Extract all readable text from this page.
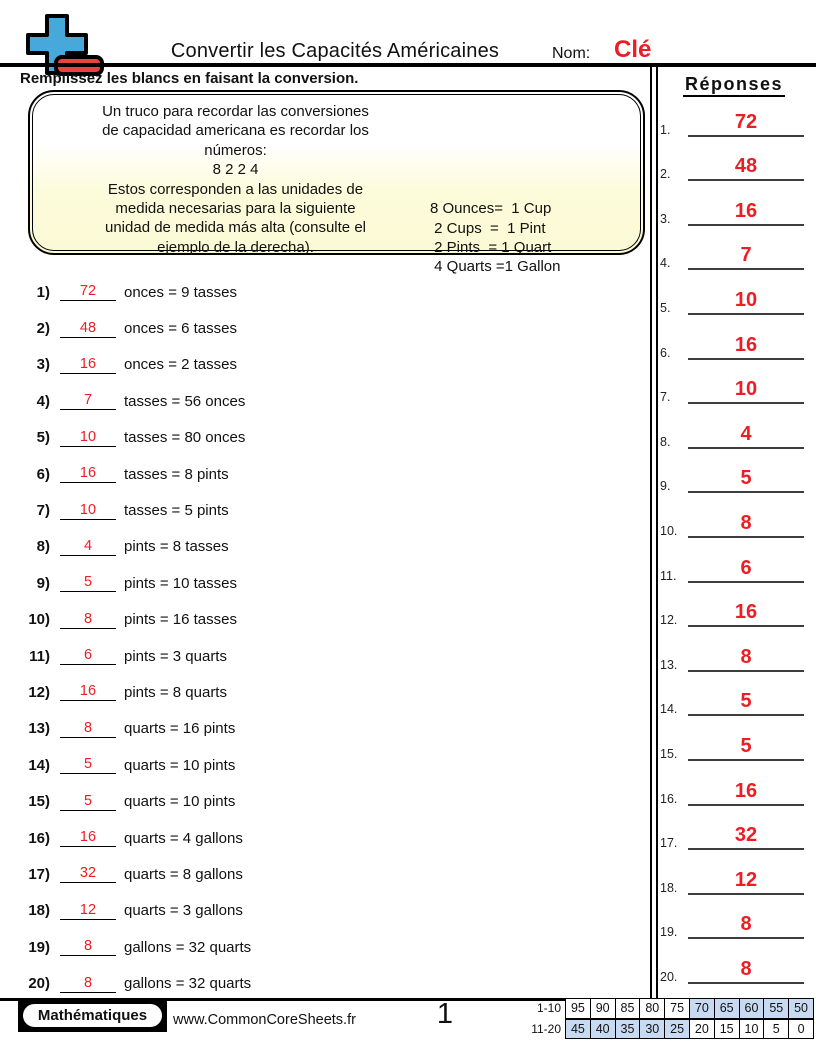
Convertir les Capacités Américaines	Nom: Clé
Remplissez les blancs en faisant la conversion.
Un truco para recordar las conversiones
de capacidad americana es recordar los
números:
8 2 2 4
Estos corresponden a las unidades de
medida necesarias para la siguiente
unidad de medida más alta (consulte el
ejemplo de la derecha).

8 Ounces=  1 Cup
2 Cups  =  1 Pint
2 Pints  = 1 Quart
4 Quarts =1 Gallon
1)	72	onces = 9 tasses
2)	48	onces = 6 tasses
3)	16	onces = 2 tasses
4)	7	tasses = 56 onces
5)	10	tasses = 80 onces
6)	16	tasses = 8 pints
7)	10	tasses = 5 pints
8)	4	pints = 8 tasses
9)	5	pints = 10 tasses
10)	8	pints = 16 tasses
11)	6	pints = 3 quarts
12)	16	pints = 8 quarts
13)	8	quarts = 16 pints
14)	5	quarts = 10 pints
15)	5	quarts = 10 pints
16)	16	quarts = 4 gallons
17)	32	quarts = 8 gallons
18)	12	quarts = 3 gallons
19)	8	gallons = 32 quarts
20)	8	gallons = 32 quarts
Réponses
1.	72
2.	48
3.	16
4.	7
5.	10
6.	16
7.	10
8.	4
9.	5
10.	8
11.	6
12.	16
13.	8
14.	5
15.	5
16.	16
17.	32
18.	12
19.	8
20.	8
Mathématiques	www.CommonCoreSheets.fr	1	1-10	95	90	85	80	75	70	65	60	55	50

11-20	45	40	35	30	25	20	15	10	5	0
